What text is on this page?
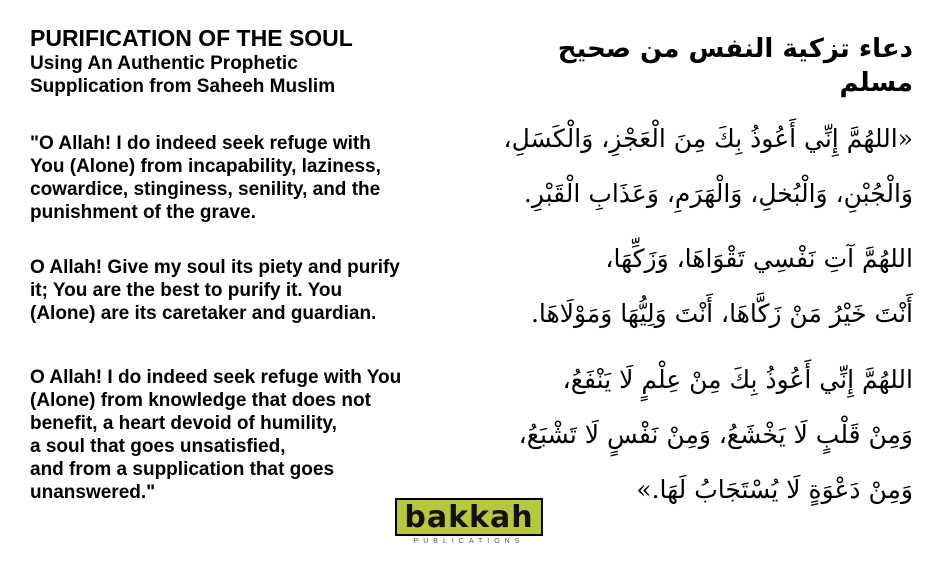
PURIFICATION OF THE SOUL

Using An Authentic Prophetic

Supplication from Saheeh Muslim

"O Allah! I do indeed seek refuge with
You (Alone) from incapability, laziness,
cowardice, stinginess, senility, and the
punishment of the grave.

O Allah! Give my soul its piety and purify
it; You are the best to purify it. You
(Alone) are its caretaker and guardian.

O Allah! I do indeed seek refuge with You
(Alone) from knowledge that does not
benefit, a heart devoid of humility,
a soul that goes unsatisfied,
and from a supplication that goes
unanswered."

دعاء تزكية النفس من صحيح مسلم

«اللهُمَّ إِنِّي أَعُوذُ بِكَ مِنَ الْعَجْزِ، وَالْكَسَلِ،

وَالْجُبْنِ، وَالْبُخلِ، وَالْهَرَمِ، وَعَذَابِ الْقَبْرِ.

اللهُمَّ آتِ نَفْسِي تَقْوَاهَا، وَزَكِّهَا،

أَنْتَ خَيْرُ مَنْ زَكَّاهَا، أَنْتَ وَلِيُّهَا وَمَوْلَاهَا.

اللهُمَّ إِنِّي أَعُوذُ بِكَ مِنْ عِلْمٍ لَا يَنْفَعُ،

وَمِنْ قَلْبٍ لَا يَخْشَعُ، وَمِنْ نَفْسٍ لَا تَشْبَعُ،

وَمِنْ دَعْوَةٍ لَا يُسْتَجَابُ لَهَا.»

bakkah
PUBLICATIONS
